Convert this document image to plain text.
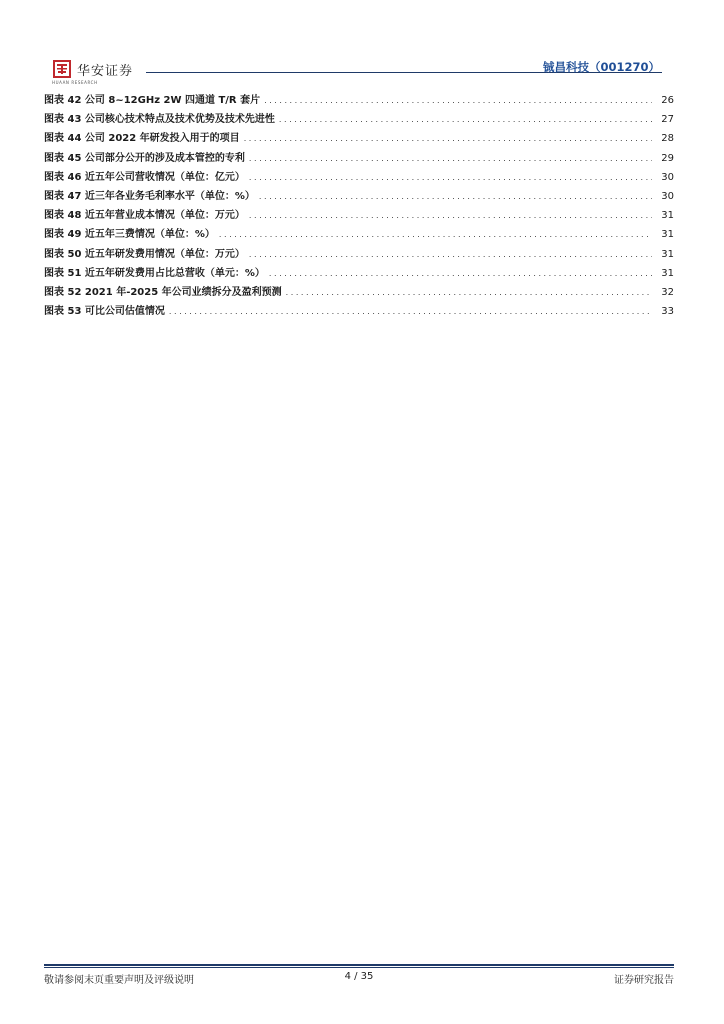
华安证券
HUAAN RESEARCH
铖昌科技（001270）
图表 42 公司 8~12GHz 2W 四通道 T/R 套片 . . .	26
图表 43 公司核心技术特点及技术优势及技术先进性 . . .	27
图表 44 公司 2022 年研发投入用于的项目 . . .	28
图表 45 公司部分公开的涉及成本管控的专利 . . .	29
图表 46 近五年公司营收情况（单位：亿元） . . .	30
图表 47 近三年各业务毛利率水平（单位：%） . . .	30
图表 48 近五年营业成本情况（单位：万元） . . .	31
图表 49 近五年三费情况（单位：%） . . .	31
图表 50 近五年研发费用情况（单位：万元） . . .	31
图表 51 近五年研发费用占比总营收（单元：%） . . .	31
图表 52 2021 年-2025 年公司业绩拆分及盈利预测 . . .	32
图表 53 可比公司估值情况 . . .	33
敬请参阅末页重要声明及评级说明	4 / 35	证券研究报告
